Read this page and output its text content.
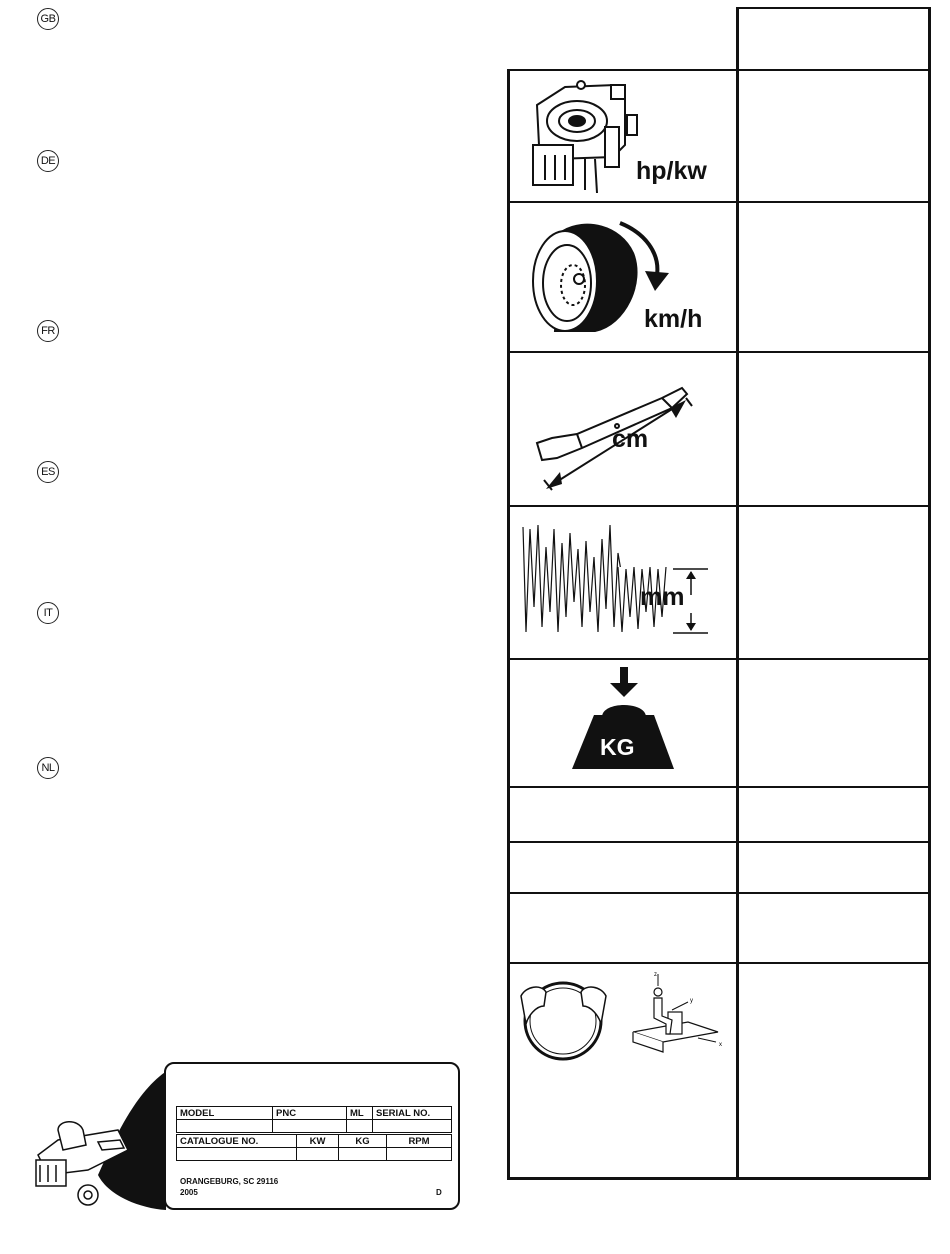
GB
DE
FR
ES
IT
NL
hp/kw
km/h
cm
mm
KG
z
y
x
MODEL	PNC	ML	SERIAL NO.

CATALOGUE NO.	KW	KG	RPM

ORANGEBURG, SC 29116
2005	D
